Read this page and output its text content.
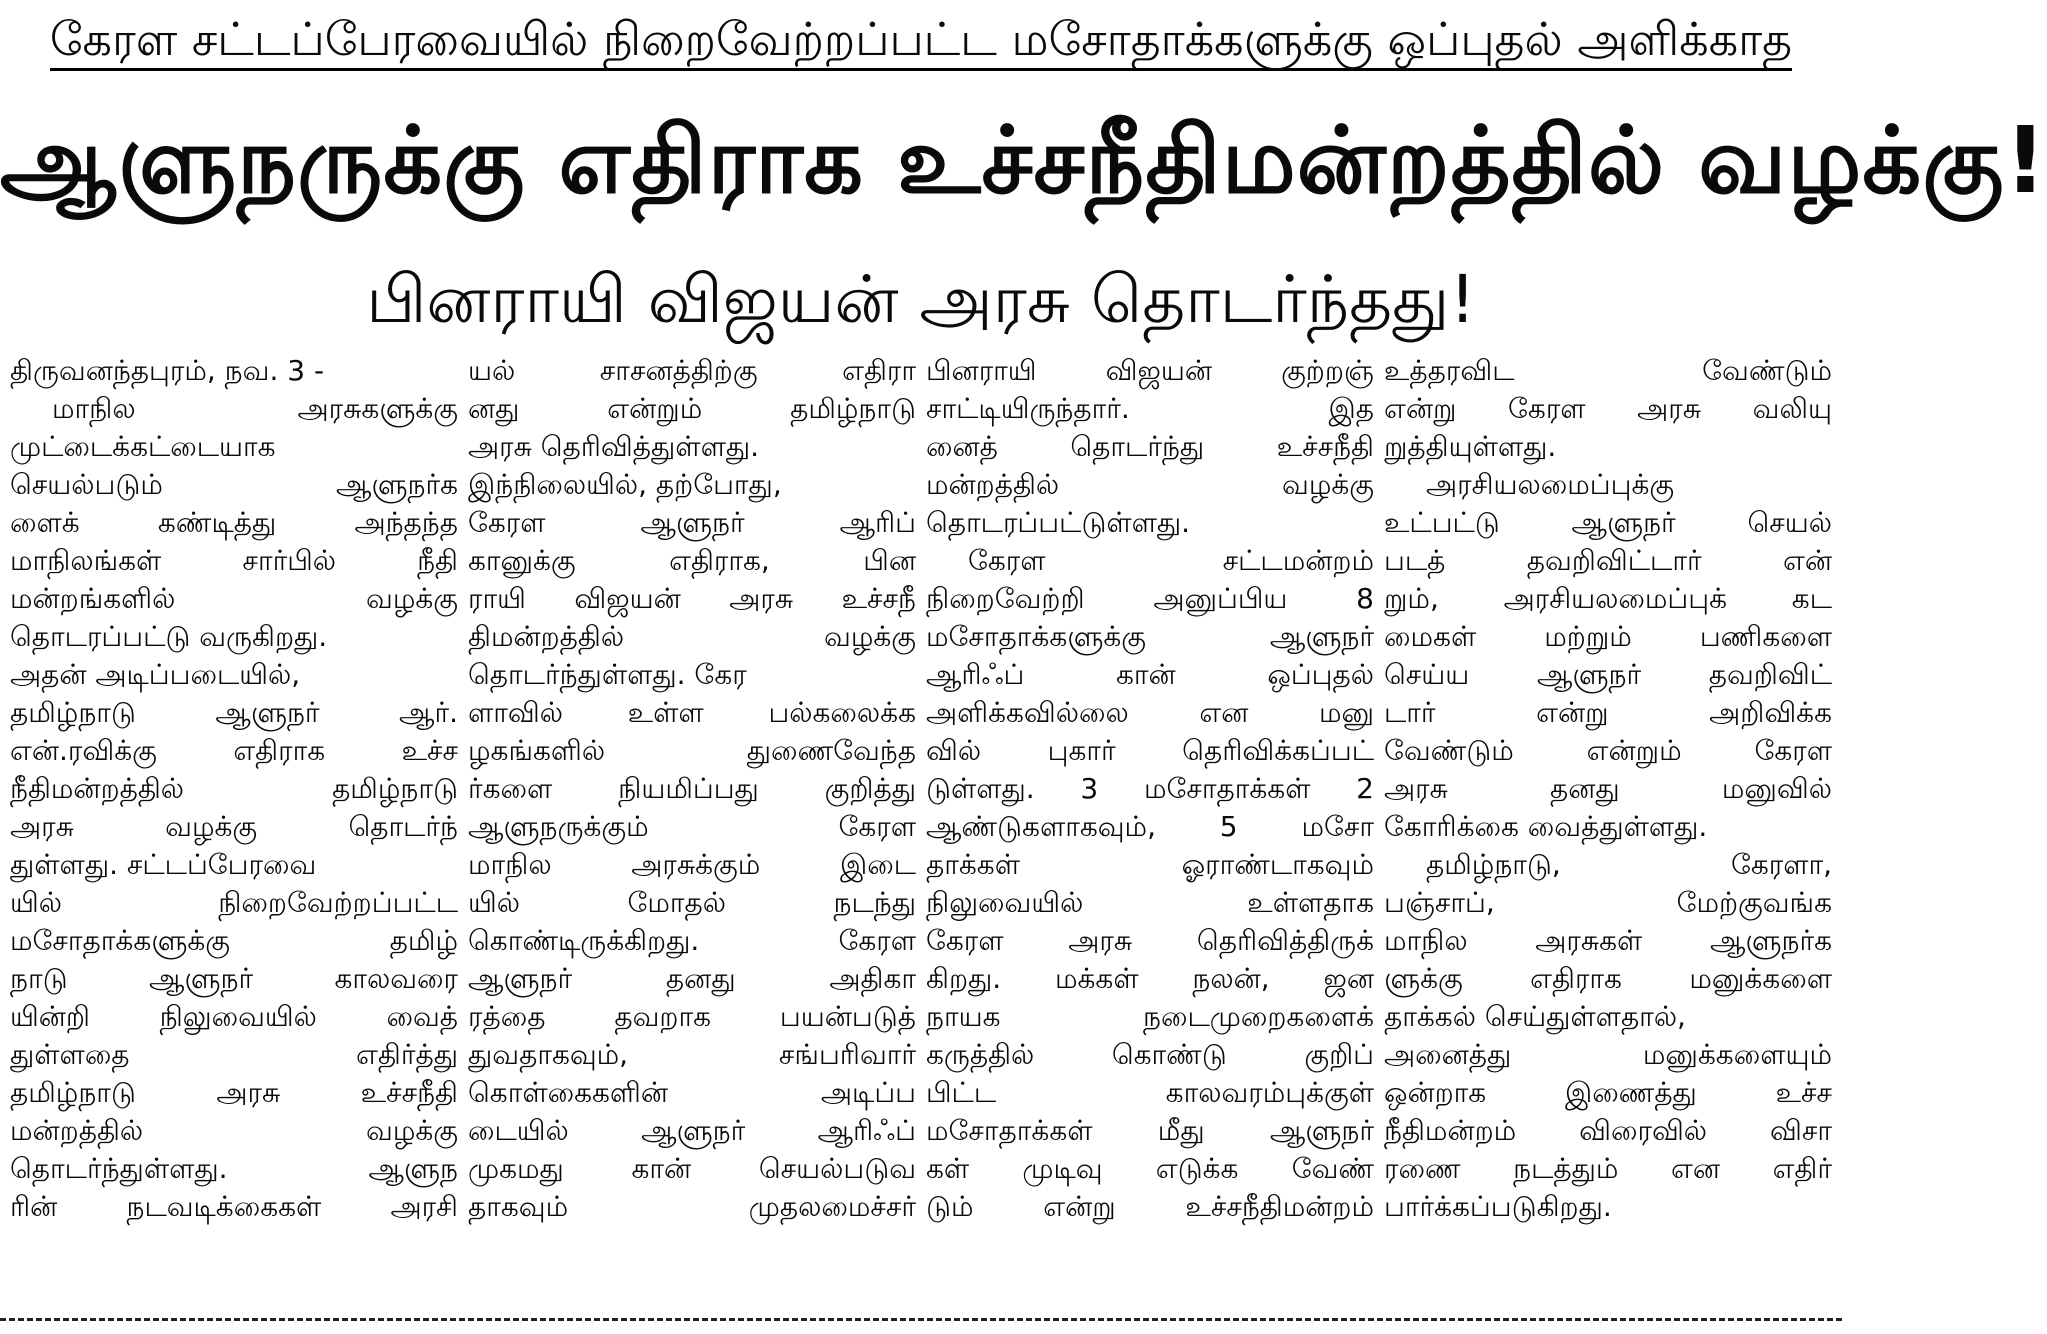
கேரள சட்டப்பேரவையில் நிறைவேற்றப்பட்ட மசோதாக்களுக்கு ஒப்புதல் அளிக்காத
ஆளுநருக்கு எதிராக உச்சநீதிமன்றத்தில் வழக்கு!
பினராயி விஜயன் அரசு தொடர்ந்தது!
திருவனந்தபுரம், நவ. 3 -
மாநில அரசுகளுக்கு
முட்டைக்கட்டையாக
செயல்படும் ஆளுநர்க
ளைக் கண்டித்து அந்தந்த
மாநிலங்கள் சார்பில் நீதி
மன்றங்களில் வழக்கு
தொடரப்பட்டு வருகிறது.
அதன் அடிப்படையில்,
தமிழ்நாடு ஆளுநர் ஆர்.
என்.ரவிக்கு எதிராக உச்ச
நீதிமன்றத்தில் தமிழ்நாடு
அரசு வழக்கு தொடர்ந்
துள்ளது. சட்டப்பேரவை
யில் நிறைவேற்றப்பட்ட
மசோதாக்களுக்கு தமிழ்
நாடு ஆளுநர் காலவரை
யின்றி நிலுவையில் வைத்
துள்ளதை எதிர்த்து
தமிழ்நாடு அரசு உச்சநீதி
மன்றத்தில் வழக்கு
தொடர்ந்துள்ளது. ஆளுந
ரின் நடவடிக்கைகள் அரசி
யல் சாசனத்திற்கு எதிரா
னது என்றும் தமிழ்நாடு
அரசு தெரிவித்துள்ளது.
இந்நிலையில், தற்போது,
கேரள ஆளுநர் ஆரிப்
கானுக்கு எதிராக, பின
ராயி விஜயன் அரசு உச்சநீ
திமன்றத்தில் வழக்கு
தொடர்ந்துள்ளது. கேர
ளாவில் உள்ள பல்கலைக்க
ழகங்களில் துணைவேந்த
ர்களை நியமிப்பது குறித்து
ஆளுநருக்கும் கேரள
மாநில அரசுக்கும் இடை
யில் மோதல் நடந்து
கொண்டிருக்கிறது. கேரள
ஆளுநர் தனது அதிகா
ரத்தை தவறாக பயன்படுத்
துவதாகவும், சங்பரிவார்
கொள்கைகளின் அடிப்ப
டையில் ஆளுநர் ஆரிஃப்
முகமது கான் செயல்படுவ
தாகவும் முதலமைச்சர்
பினராயி விஜயன் குற்றஞ்
சாட்டியிருந்தார். இத
னைத் தொடர்ந்து உச்சநீதி
மன்றத்தில் வழக்கு
தொடரப்பட்டுள்ளது.
கேரள சட்டமன்றம்
நிறைவேற்றி அனுப்பிய 8
மசோதாக்களுக்கு ஆளுநர்
ஆரிஃப் கான் ஒப்புதல்
அளிக்கவில்லை என மனு
வில் புகார் தெரிவிக்கப்பட்
டுள்ளது. 3 மசோதாக்கள் 2
ஆண்டுகளாகவும், 5 மசோ
தாக்கள் ஓராண்டாகவும்
நிலுவையில் உள்ளதாக
கேரள அரசு தெரிவித்திருக்
கிறது. மக்கள் நலன், ஜன
நாயக நடைமுறைகளைக்
கருத்தில் கொண்டு குறிப்
பிட்ட காலவரம்புக்குள்
மசோதாக்கள் மீது ஆளுநர்
கள் முடிவு எடுக்க வேண்
டும் என்று உச்சநீதிமன்றம்
உத்தரவிட வேண்டும்
என்று கேரள அரசு வலியு
றுத்தியுள்ளது.
அரசியலமைப்புக்கு
உட்பட்டு ஆளுநர் செயல்
படத் தவறிவிட்டார் என்
றும், அரசியலமைப்புக் கட
மைகள் மற்றும் பணிகளை
செய்ய ஆளுநர் தவறிவிட்
டார் என்று அறிவிக்க
வேண்டும் என்றும் கேரள
அரசு தனது மனுவில்
கோரிக்கை வைத்துள்ளது.
தமிழ்நாடு, கேரளா,
பஞ்சாப், மேற்குவங்க
மாநில அரசுகள் ஆளுநர்க
ளுக்கு எதிராக மனுக்களை
தாக்கல் செய்துள்ளதால்,
அனைத்து மனுக்களையும்
ஒன்றாக இணைத்து உச்ச
நீதிமன்றம் விரைவில் விசா
ரணை நடத்தும் என எதிர்
பார்க்கப்படுகிறது.
